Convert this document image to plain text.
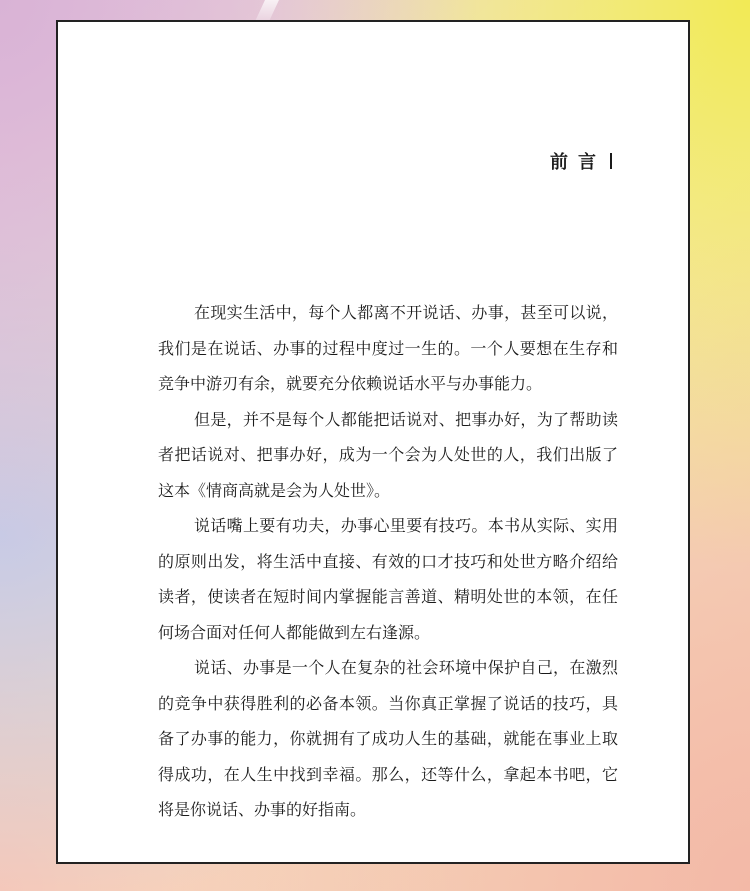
前言

在现实生活中，每个人都离不开说话、办事，甚至可以说，
我们是在说话、办事的过程中度过一生的。一个人要想在生存和
竞争中游刃有余，就要充分依赖说话水平与办事能力。

但是，并不是每个人都能把话说对、把事办好，为了帮助读
者把话说对、把事办好，成为一个会为人处世的人，我们出版了
这本《情商高就是会为人处世》。

说话嘴上要有功夫，办事心里要有技巧。本书从实际、实用
的原则出发，将生活中直接、有效的口才技巧和处世方略介绍给
读者，使读者在短时间内掌握能言善道、精明处世的本领，在任
何场合面对任何人都能做到左右逢源。

说话、办事是一个人在复杂的社会环境中保护自己，在激烈
的竞争中获得胜利的必备本领。当你真正掌握了说话的技巧，具
备了办事的能力，你就拥有了成功人生的基础，就能在事业上取
得成功，在人生中找到幸福。那么，还等什么，拿起本书吧，它
将是你说话、办事的好指南。
